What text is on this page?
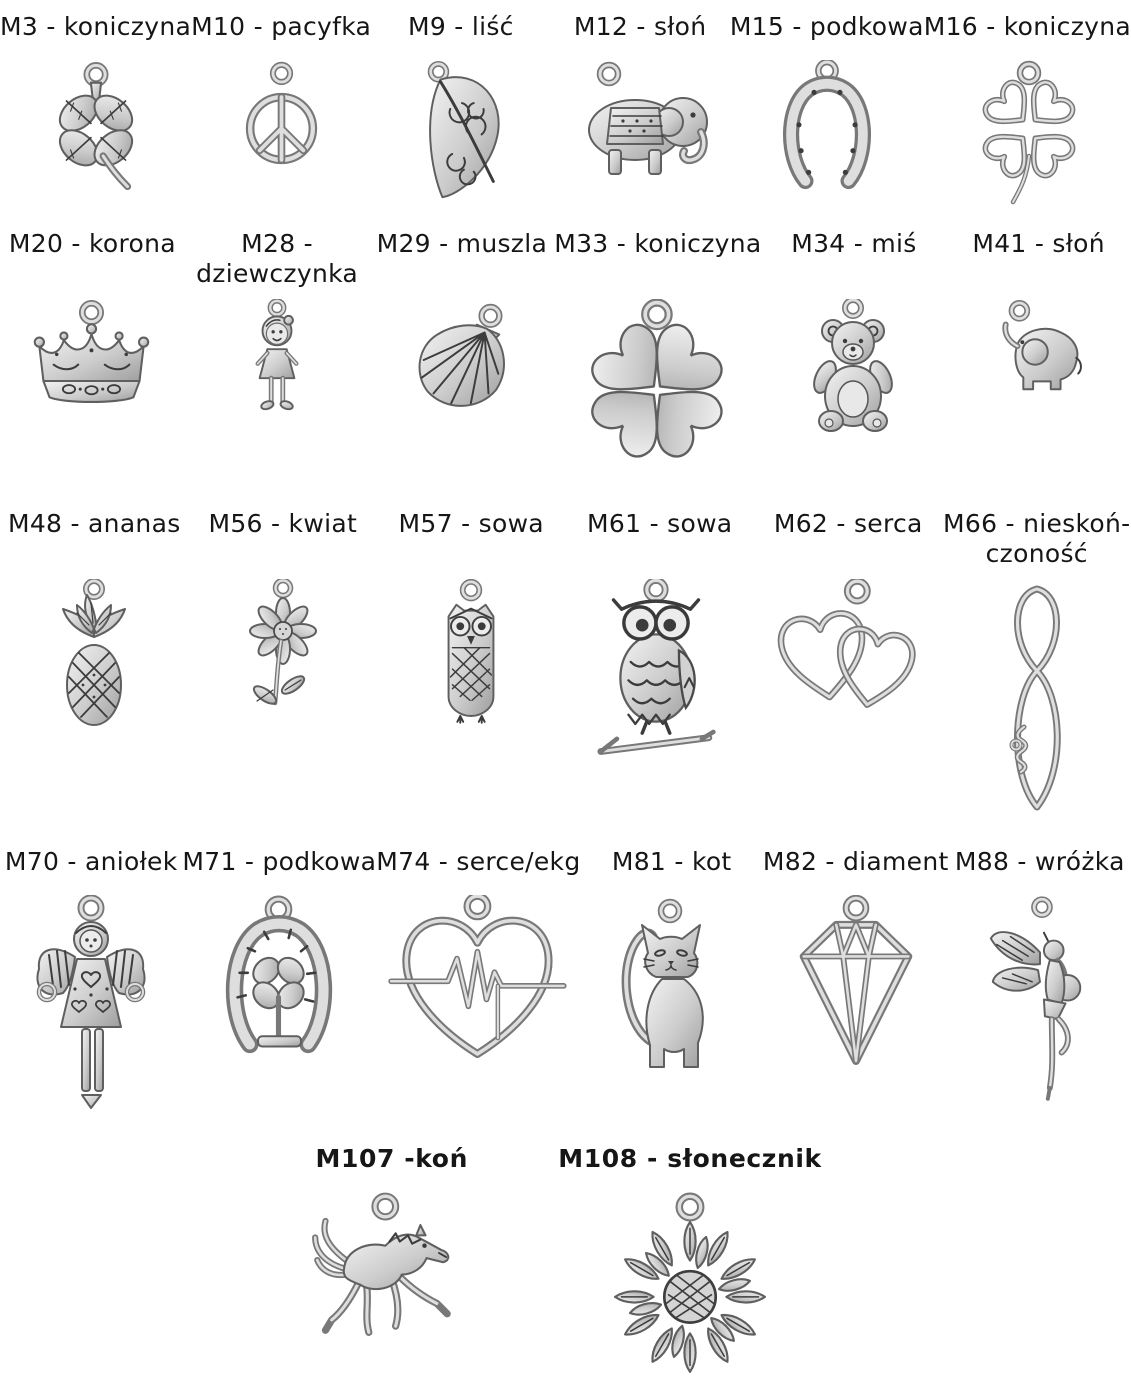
M3 - koniczyna M10 - pacyfka M9 - liść M12 - słoń M15 - podkowa M16 - koniczyna
M20 - korona	M28 -
dziewczynka
M29 - muszla M33 - koniczyna M34 - miś M41 - słoń
M48 - ananas M56 - kwiat M57 - sowa M61 - sowa M62 - serca M66 - nieskoń-
czoność
M70 - aniołek M71 - podkowa M74 - serce/ekg M81 - kot M82 - diament M88 - wróżka
M107 -koń	M108 - słonecznik
